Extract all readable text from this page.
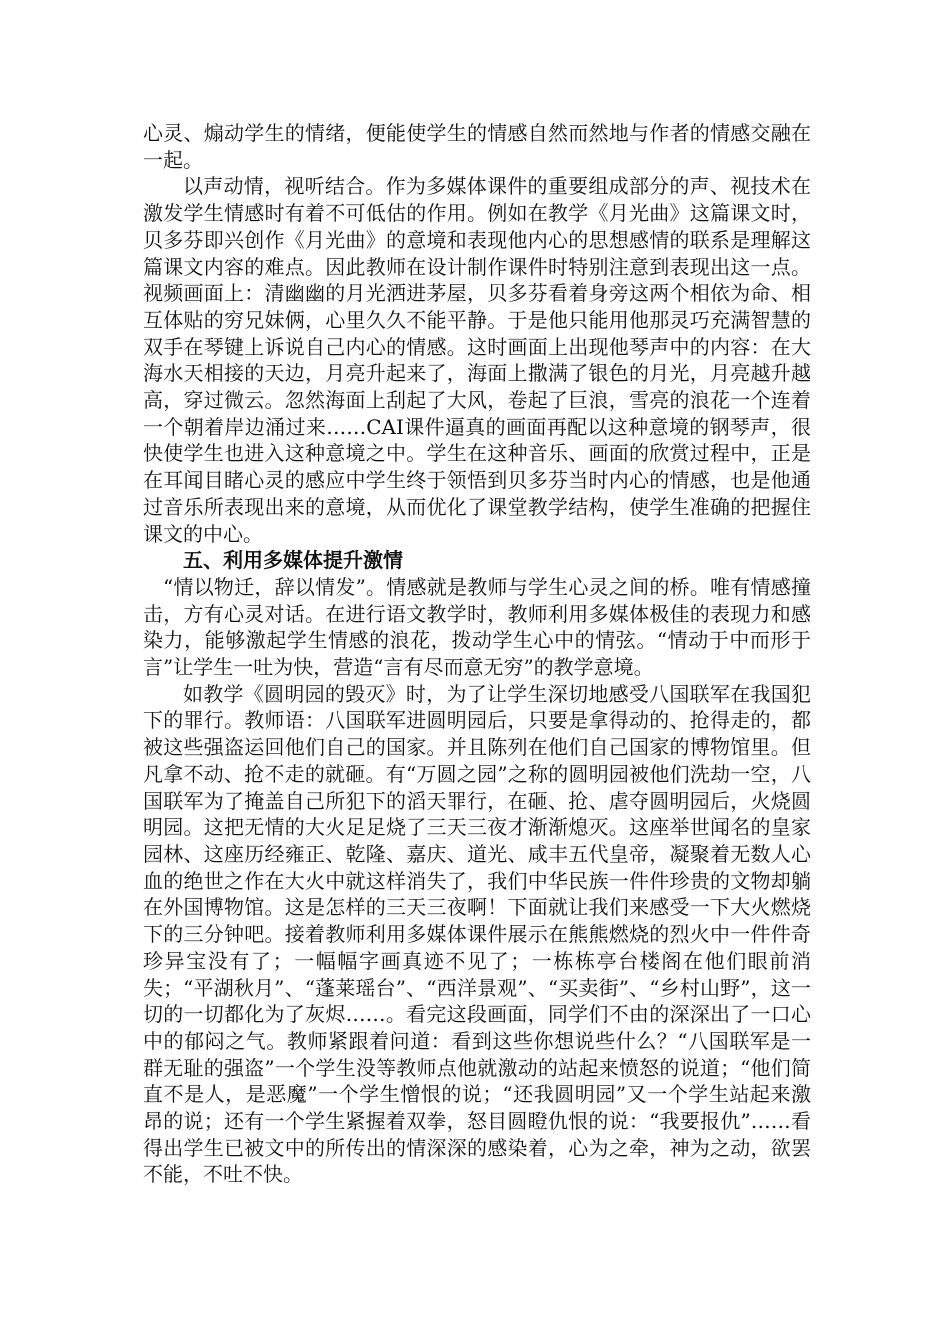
心灵、煽动学生的情绪，便能使学生的情感自然而然地与作者的情感交融在一起。

以声动情，视听结合。作为多媒体课件的重要组成部分的声、视技术在激发学生情感时有着不可低估的作用。例如在教学《月光曲》这篇课文时，贝多芬即兴创作《月光曲》的意境和表现他内心的思想感情的联系是理解这篇课文内容的难点。因此教师在设计制作课件时特别注意到表现出这一点。视频画面上：清幽幽的月光洒进茅屋，贝多芬看着身旁这两个相依为命、相互体贴的穷兄妹俩，心里久久不能平静。于是他只能用他那灵巧充满智慧的双手在琴键上诉说自己内心的情感。这时画面上出现他琴声中的内容：在大海水天相接的天边，月亮升起来了，海面上撒满了银色的月光，月亮越升越高，穿过微云。忽然海面上刮起了大风，卷起了巨浪，雪亮的浪花一个连着一个朝着岸边涌过来……CAI课件逼真的画面再配以这种意境的钢琴声，很快使学生也进入这种意境之中。学生在这种音乐、画面的欣赏过程中，正是在耳闻目睹心灵的感应中学生终于领悟到贝多芬当时内心的情感，也是他通过音乐所表现出来的意境，从而优化了课堂教学结构，使学生准确的把握住课文的中心。

五、利用多媒体提升激情

“情以物迁，辞以情发”。情感就是教师与学生心灵之间的桥。唯有情感撞击，方有心灵对话。在进行语文教学时，教师利用多媒体极佳的表现力和感染力，能够激起学生情感的浪花，拨动学生心中的情弦。“情动于中而形于言”让学生一吐为快，营造“言有尽而意无穷”的教学意境。

如教学《圆明园的毁灭》时，为了让学生深切地感受八国联军在我国犯下的罪行。教师语：八国联军进圆明园后，只要是拿得动的、抢得走的，都被这些强盗运回他们自己的国家。并且陈列在他们自己国家的博物馆里。但凡拿不动、抢不走的就砸。有“万圆之园”之称的圆明园被他们洗劫一空，八国联军为了掩盖自己所犯下的滔天罪行，在砸、抢、虐夺圆明园后，火烧圆明园。这把无情的大火足足烧了三天三夜才渐渐熄灭。这座举世闻名的皇家园林、这座历经雍正、乾隆、嘉庆、道光、咸丰五代皇帝，凝聚着无数人心血的绝世之作在大火中就这样消失了，我们中华民族一件件珍贵的文物却躺在外国博物馆。这是怎样的三天三夜啊！下面就让我们来感受一下大火燃烧下的三分钟吧。接着教师利用多媒体课件展示在熊熊燃烧的烈火中一件件奇珍异宝没有了；一幅幅字画真迹不见了；一栋栋亭台楼阁在他们眼前消失；“平湖秋月”、“蓬莱瑶台”、“西洋景观”、“买卖街”、“乡村山野”，这一切的一切都化为了灰烬……。看完这段画面，同学们不由的深深出了一口心中的郁闷之气。教师紧跟着问道：看到这些你想说些什么？“八国联军是一群无耻的强盗”一个学生没等教师点他就激动的站起来愤怒的说道；“他们简直不是人，是恶魔”一个学生憎恨的说；“还我圆明园”又一个学生站起来激昂的说；还有一个学生紧握着双拳，怒目圆瞪仇恨的说：“我要报仇”……看得出学生已被文中的所传出的情深深的感染着，心为之牵，神为之动，欲罢不能，不吐不快。
